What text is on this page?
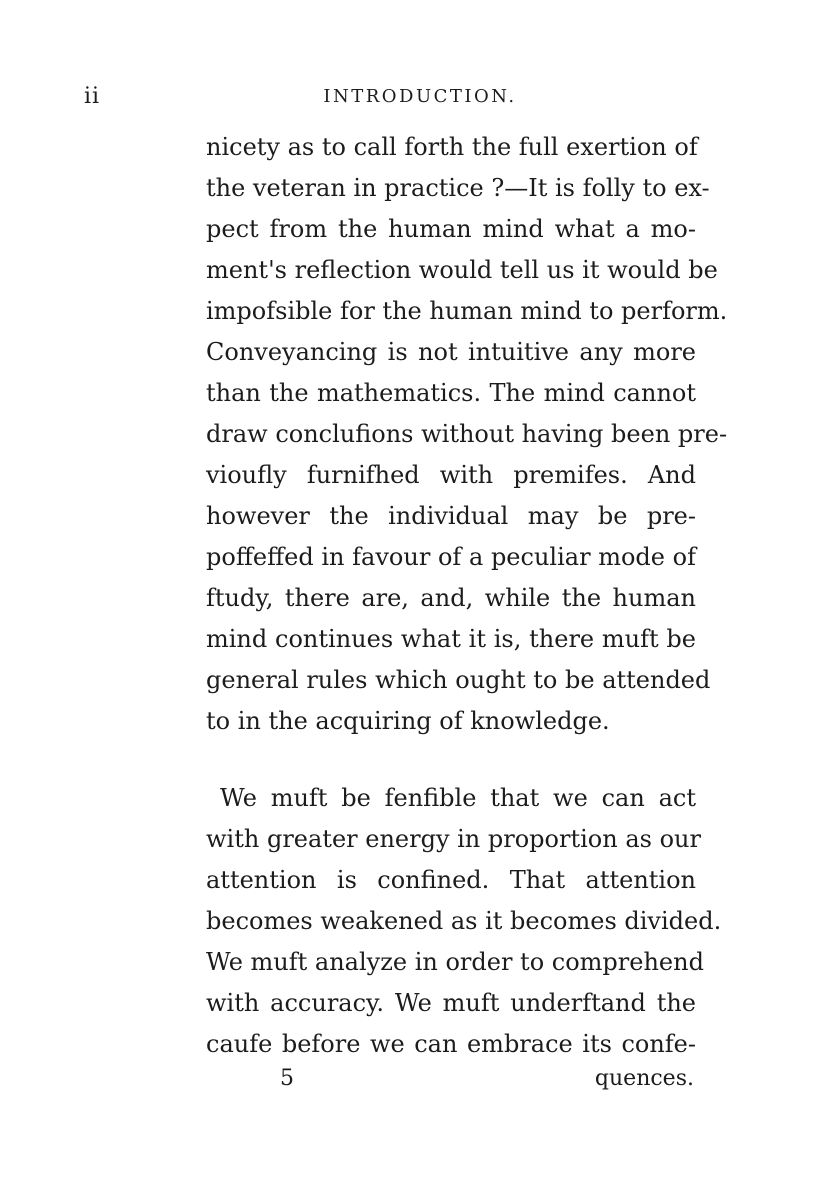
ii	INTRODUCTION.
nicety as to call forth the full exertion of
the veteran in practice ?—It is folly to ex-
pect from the human mind what a mo-
ment's reflection would tell us it would be
impofsible for the human mind to perform.
Conveyancing is not intuitive any more
than the mathematics. The mind cannot
draw conclufions without having been pre-
vioufly furnifhed with premifes. And
however the individual may be pre-
poffeffed in favour of a peculiar mode of
ftudy, there are, and, while the human
mind continues what it is, there muft be
general rules which ought to be attended
to in the acquiring of knowledge.
We muft be fenfible that we can act
with greater energy in proportion as our
attention is confined. That attention
becomes weakened as it becomes divided.
We muft analyze in order to comprehend
with accuracy. We muft underftand the
caufe before we can embrace its confe-
5	quences.
